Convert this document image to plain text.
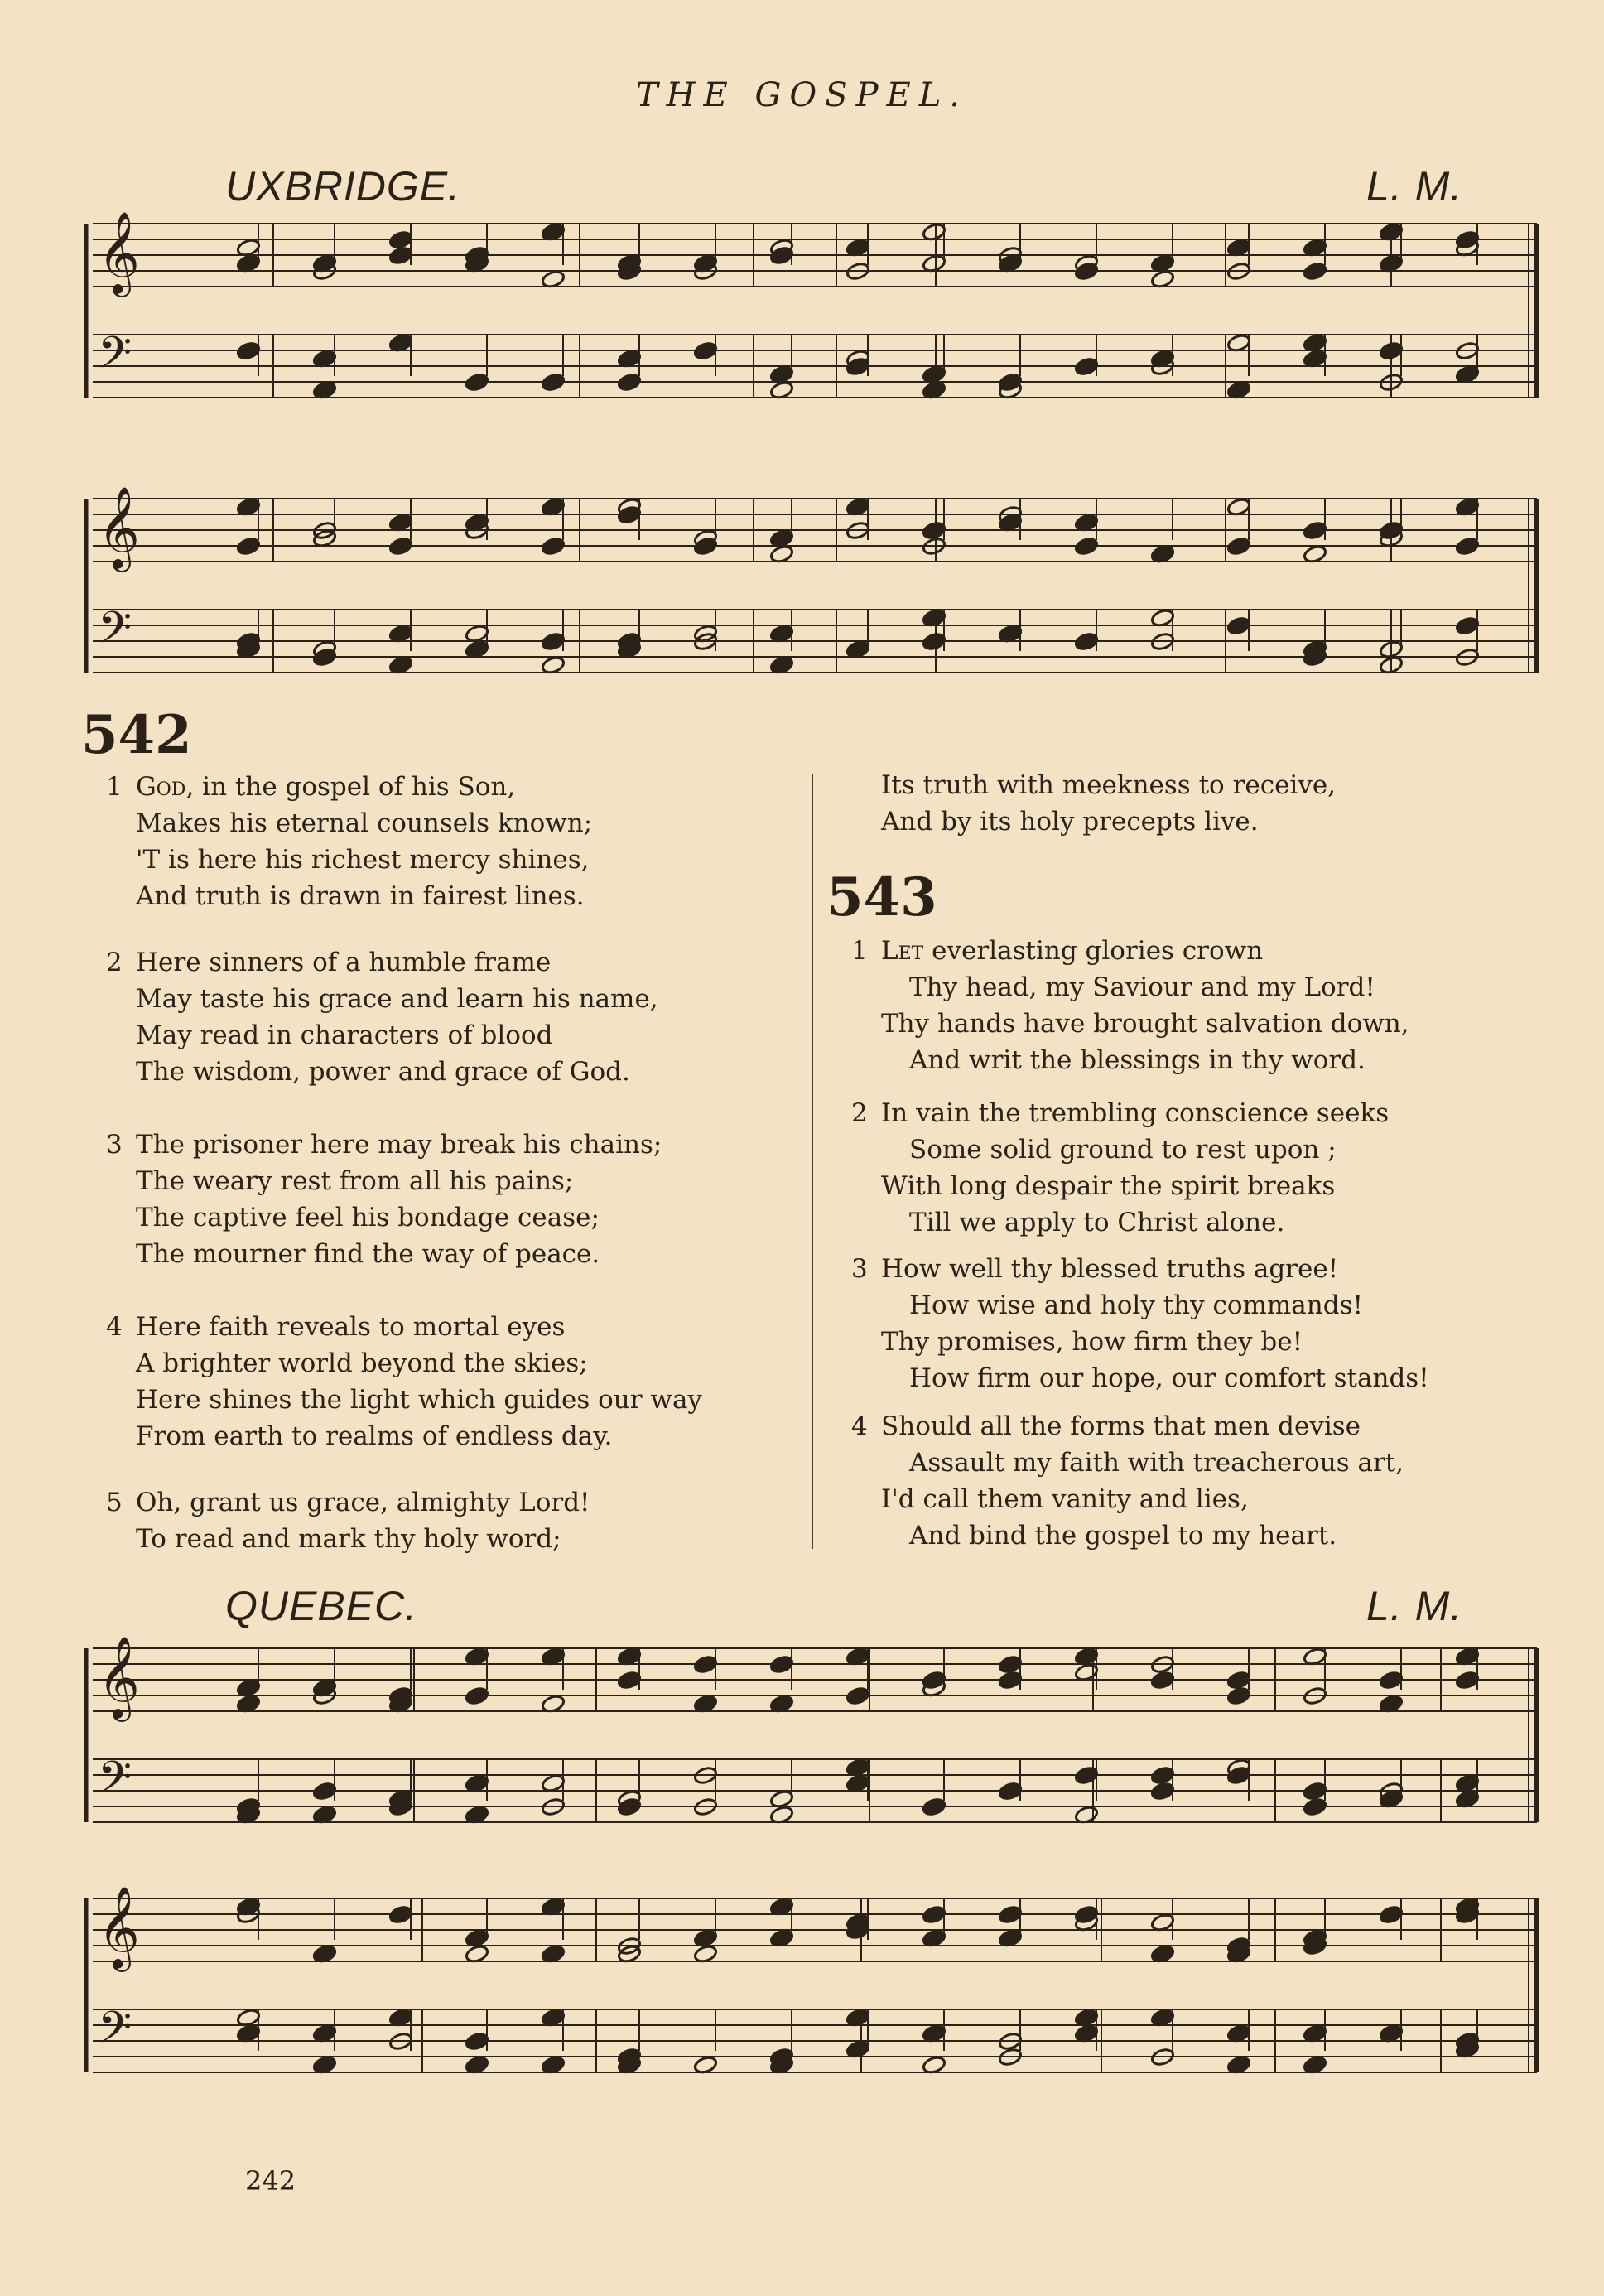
THE GOSPEL.
UXBRIDGE.	L. M.
QUEBEC.	L. M.
𝄞
𝄢
𝄞
𝄢
𝄞
𝄢
𝄞
𝄢
542
1 God, in the gospel of his Son,
Makes his eternal counsels known;
'T is here his richest mercy shines,
And truth is drawn in fairest lines.
2 Here sinners of a humble frame
May taste his grace and learn his name,
May read in characters of blood
The wisdom, power and grace of God.
3 The prisoner here may break his chains;
The weary rest from all his pains;
The captive feel his bondage cease;
The mourner find the way of peace.
4 Here faith reveals to mortal eyes
A brighter world beyond the skies;
Here shines the light which guides our way
From earth to realms of endless day.
5 Oh, grant us grace, almighty Lord!
To read and mark thy holy word;
Its truth with meekness to receive,
And by its holy precepts live.
543
1 Let everlasting glories crown
Thy head, my Saviour and my Lord!
Thy hands have brought salvation down,
And writ the blessings in thy word.
2 In vain the trembling conscience seeks
Some solid ground to rest upon ;
With long despair the spirit breaks
Till we apply to Christ alone.
3 How well thy blessed truths agree!
How wise and holy thy commands!
Thy promises, how firm they be!
How firm our hope, our comfort stands!
4 Should all the forms that men devise
Assault my faith with treacherous art,
I'd call them vanity and lies,
And bind the gospel to my heart.
242
